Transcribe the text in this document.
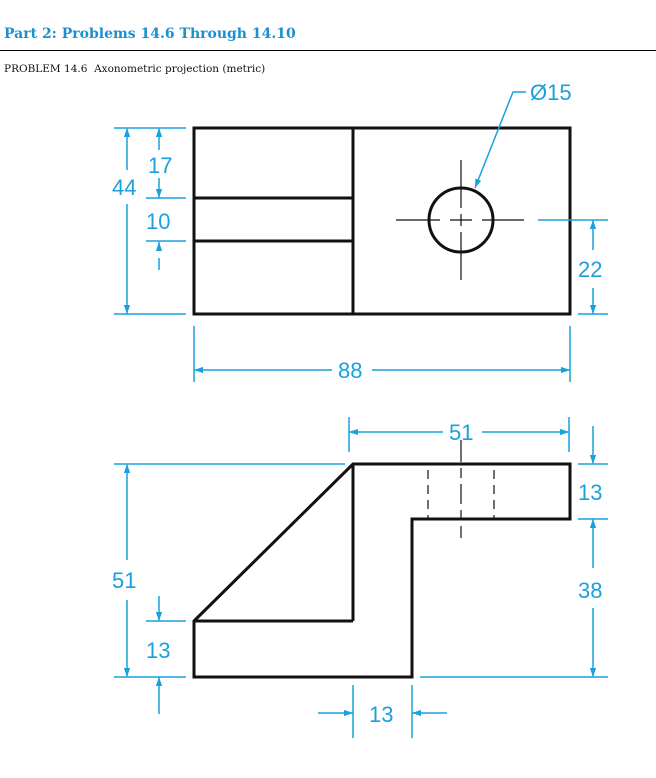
Part 2: Problems 14.6 Through 14.10
PROBLEM 14.6 Axonometric projection (metric)
Ø15
44
17
10
22
88
51
51
13
13
38
13
